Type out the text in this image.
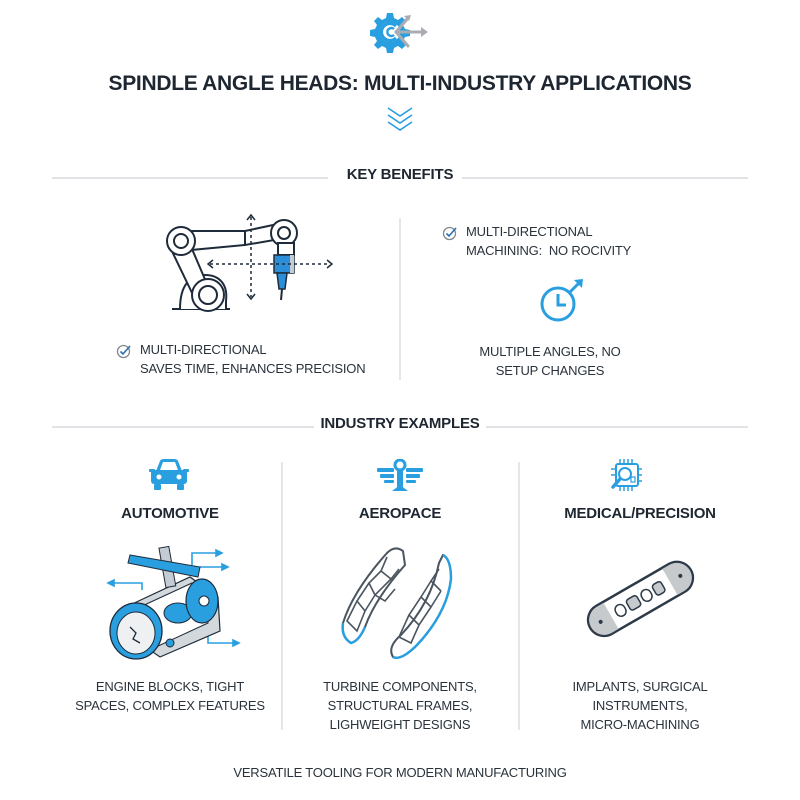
SPINDLE ANGLE HEADS: MULTI-INDUSTRY APPLICATIONS
KEY BENEFITS
MULTI-DIRECTIONAL
SAVES TIME, ENHANCES PRECISION
MULTI-DIRECTIONAL
MACHINING:  NO ROCIVITY
MULTIPLE ANGLES, NO
SETUP CHANGES
INDUSTRY EXAMPLES
AUTOMOTIVE
ENGINE BLOCKS, TIGHT
SPACES, COMPLEX FEATURES
AEROPACE
TURBINE COMPONENTS,
STRUCTURAL FRAMES,
LIGHWEIGHT DESIGNS
MEDICAL/PRECISION
IMPLANTS, SURGICAL INSTRUMENTS,
MICRO-MACHINING
VERSATILE TOOLING FOR MODERN MANUFACTURING
